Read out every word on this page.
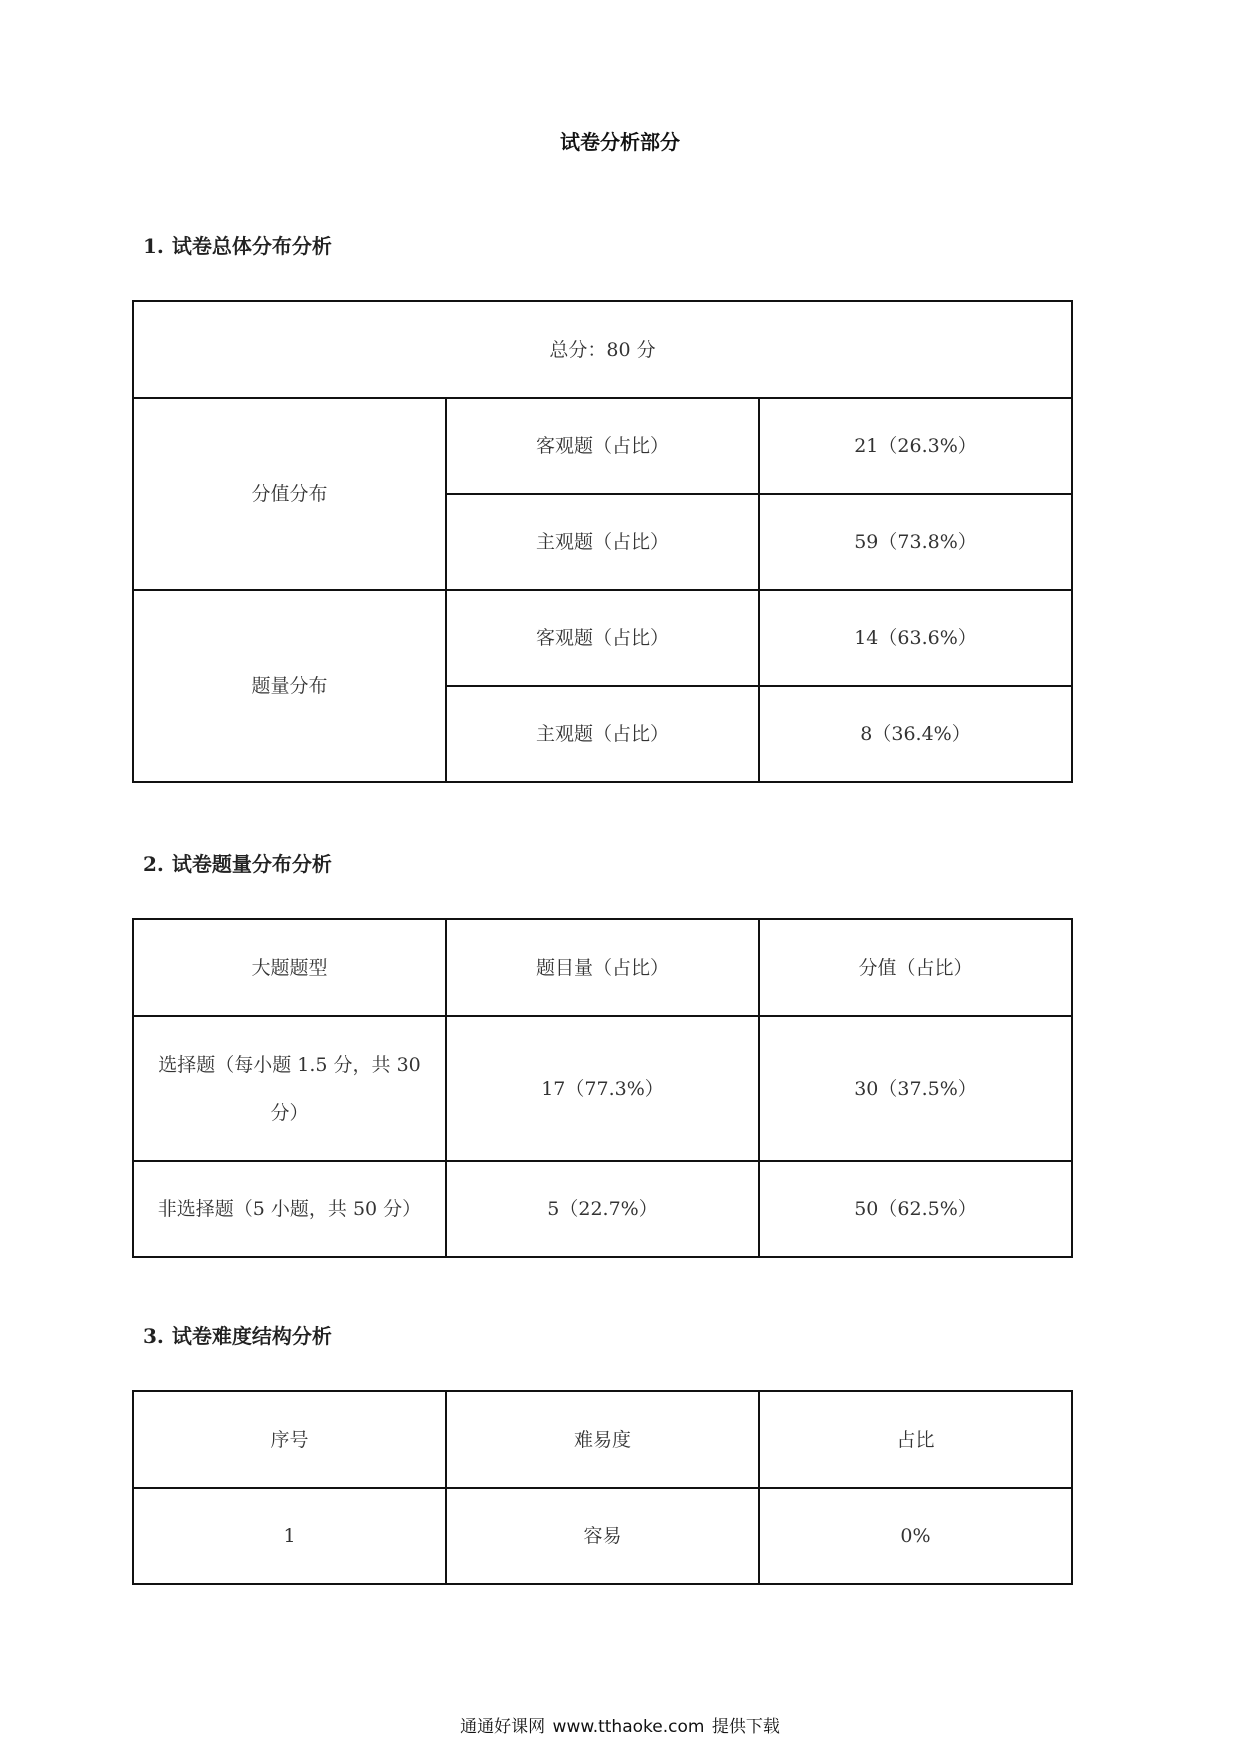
试卷分析部分
1. 试卷总体分布分析
总分：80 分		
分值分布	客观题（占比）	21（26.3%）
	主观题（占比）	59（73.8%）
题量分布	客观题（占比）	14（63.6%）
	主观题（占比）	8（36.4%）
2. 试卷题量分布分析
大题题型	题目量（占比）	分值（占比）
选择题（每小题 1.5 分，共 30 分）	17（77.3%）	30（37.5%）
非选择题（5 小题，共 50 分）	5（22.7%）	50（62.5%）
3. 试卷难度结构分析
序号	难易度	占比
1	容易	0%
通通好课网 www.tthaoke.com 提供下载
